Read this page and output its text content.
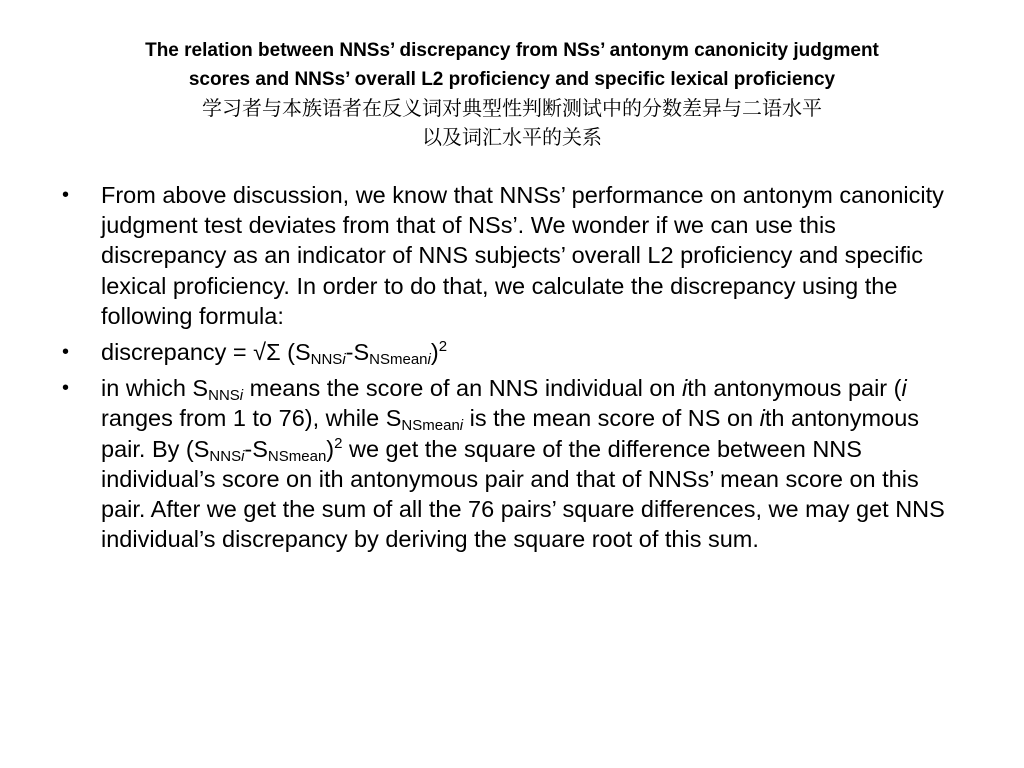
The relation between NNSs’ discrepancy from NSs’ antonym canonicity judgment
scores and NNSs’ overall L2 proficiency and specific lexical proficiency
学习者与本族语者在反义词对典型性判断测试中的分数差异与二语水平
以及词汇水平的关系
• From above discussion, we know that NNSs’ performance on antonym canonicity judgment test deviates from that of NSs’. We wonder if we can use this discrepancy as an indicator of NNS subjects’ overall L2 proficiency and specific lexical proficiency. In order to do that, we calculate the discrepancy using the following formula:
• discrepancy = √Σ $(S_{NNSi}-S_{NSmeani})^2$
• in which $S_{NNSi}$ means the score of an NNS individual on ith antonymous pair (i ranges from 1 to 76), while $S_{NSmeani}$ is the mean score of NS on ith antonymous pair. By $(S_{NNSi}-S_{NSmean})^2$ we get the square of the difference between NNS individual’s score on ith antonymous pair and that of NNSs’ mean score on this pair. After we get the sum of all the 76 pairs’ square differences, we may get NNS individual’s discrepancy by deriving the square root of this sum.
